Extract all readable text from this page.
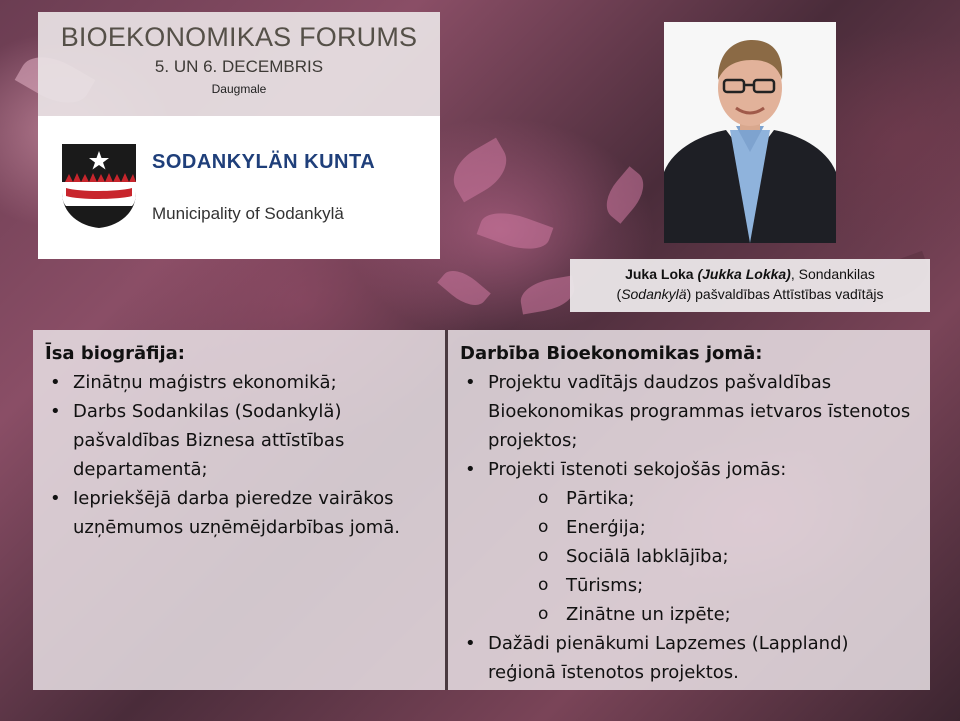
BIOEKONOMIKAS FORUMS
5. UN 6. DECEMBRIS
Daugmale
SODANKYLÄN KUNTA
Municipality of Sodankylä
Juka Loka (Jukka Lokka), Sondankilas
(Sodankylä) pašvaldības Attīstības vadītājs
Īsa biogrāfija:
• Zinātņu maģistrs ekonomikā;
• Darbs Sodankilas (Sodankylä) pašvaldības Biznesa attīstības departamentā;
• Iepriekšējā darba pieredze vairākos uzņēmumos uzņēmējdarbības jomā.
Darbība Bioekonomikas jomā:
• Projektu vadītājs daudzos pašvaldības Bioekonomikas programmas ietvaros īstenotos projektos;
• Projekti īstenoti sekojošās jomās:
o Pārtika;
o Enerģija;
o Sociālā labklājība;
o Tūrisms;
o Zinātne un izpēte;
• Dažādi pienākumi Lapzemes (Lappland) reģionā īstenotos projektos.
